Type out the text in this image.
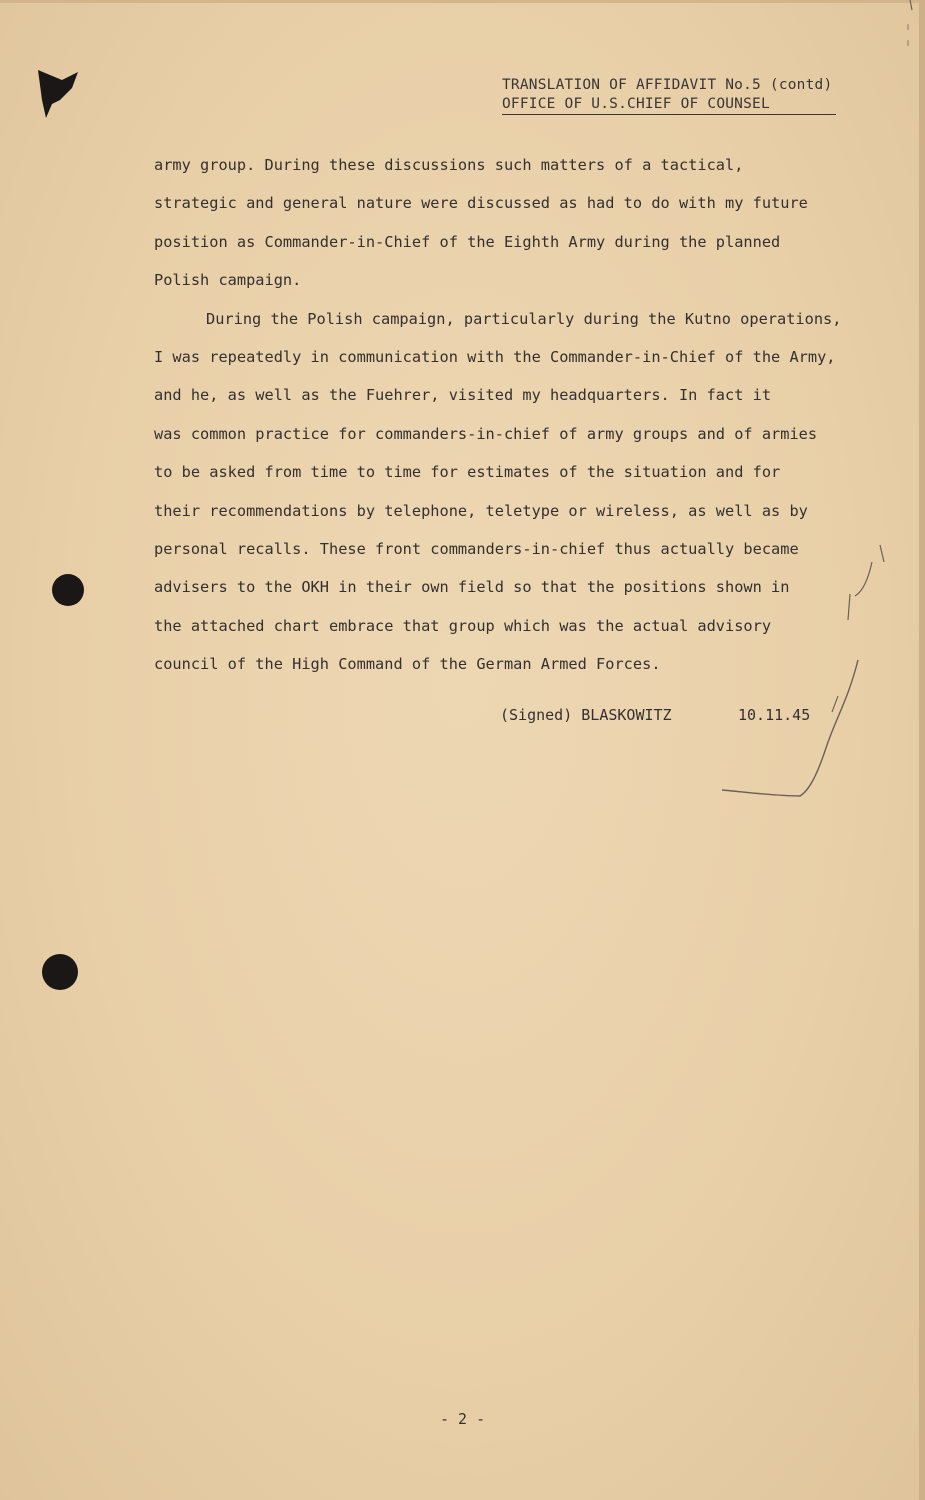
TRANSLATION OF AFFIDAVIT No.5 (contd)
OFFICE OF U.S.CHIEF OF COUNSEL

army group. During these discussions such matters of a tactical,
strategic and general nature were discussed as had to do with my future
position as Commander-in-Chief of the Eighth Army during the planned
Polish campaign.

During the Polish campaign, particularly during the Kutno operations,
I was repeatedly in communication with the Commander-in-Chief of the Army,
and he, as well as the Fuehrer, visited my headquarters. In fact it
was common practice for commanders-in-chief of army groups and of armies
to be asked from time to time for estimates of the situation and for
their recommendations by telephone, teletype or wireless, as well as by
personal recalls. These front commanders-in-chief thus actually became
advisers to the OKH in their own field so that the positions shown in
the attached chart embrace that group which was the actual advisory
council of the High Command of the German Armed Forces.

(Signed) BLASKOWITZ	10.11.45
- 2 -
